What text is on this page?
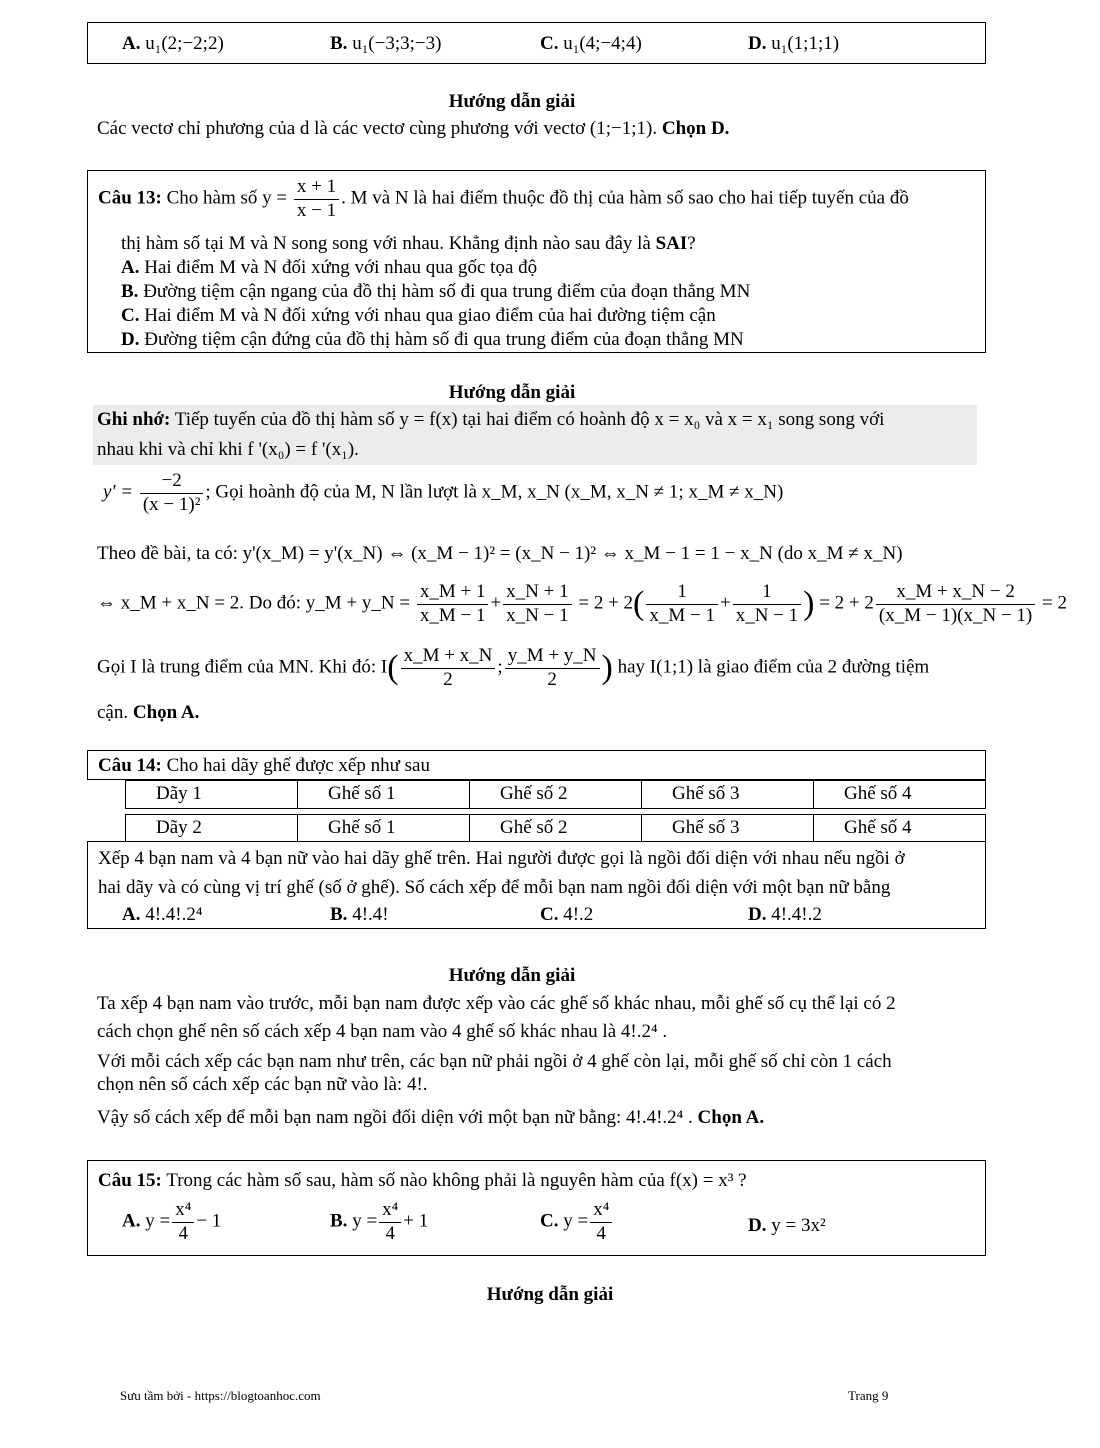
A. u₁(2;−2;2)	B. u₁(−3;3;−3)	C. u₁(4;−4;4)	D. u₁(1;1;1)
Hướng dẫn giải
Các vectơ chỉ phương của d là các vectơ cùng phương với vectơ (1;−1;1). Chọn D.
Câu 13: Cho hàm số $y = \frac{x + 1}{x - 1}$ . M và N là hai điểm thuộc đồ thị của hàm số sao cho hai tiếp tuyến của đồ
thị hàm số tại M và N song song với nhau. Khẳng định nào sau đây là SAI?
A. Hai điểm M và N đối xứng với nhau qua gốc tọa độ
B. Đường tiệm cận ngang của đồ thị hàm số đi qua trung điểm của đoạn thẳng MN
C. Hai điểm M và N đối xứng với nhau qua giao điểm của hai đường tiệm cận
D. Đường tiệm cận đứng của đồ thị hàm số đi qua trung điểm của đoạn thẳng MN
Hướng dẫn giải
Ghi nhớ: Tiếp tuyến của đồ thị hàm số y = f(x) tại hai điểm có hoành độ x = x₀ và x = x₁ song song với
nhau khi và chỉ khi f '(x₀) = f '(x₁).
$y' = \frac{-2}{\text{(x − 1)²}}$ ; Gọi hoành độ của M, N lần lượt là x_M, x_N (x_M, x_N ≠ 1; x_M ≠ x_N)
Theo đề bài, ta có: y'(x_M) = y'(x_N) ⇔ (x_M − 1)² = (x_N − 1)² ⇔ x_M − 1 = 1 − x_N (do x_M ≠ x_N)
⇔ x_M + x_N = 2. Do đó: y_M + y_N = $\frac{x\_M + 1}{x\_M - 1} + \frac{x\_N + 1}{x\_N - 1} = 2 + 2( \frac{1}{x\_M - 1} + \frac{1}{x\_N - 1}$ ) = $2 + 2 \frac{x\_M + x\_N - 2}{(x\_M - 1)(x\_N - 1)} = 2$
Gọi I là trung điểm của MN. Khi đó: $I( \frac{x\_M + x\_N}{2}$ ; $\frac{y\_M + y\_N}{2}$ ) hay I(1;1) là giao điểm của 2 đường tiệm
cận. Chọn A.
Câu 14: Cho hai dãy ghế được xếp như sau
Dãy 1	Ghế số 1	Ghế số 2	Ghế số 3	Ghế số 4

Dãy 2	Ghế số 1	Ghế số 2	Ghế số 3	Ghế số 4
Xếp 4 bạn nam và 4 bạn nữ vào hai dãy ghế trên. Hai người được gọi là ngồi đối diện với nhau nếu ngồi ở
hai dãy và có cùng vị trí ghế (số ở ghế). Số cách xếp để mỗi bạn nam ngồi đối diện với một bạn nữ bằng
A. 4!.4!.2⁴	B. 4!.4!	C. 4!.2	D. 4!.4!.2
Hướng dẫn giải
Ta xếp 4 bạn nam vào trước, mỗi bạn nam được xếp vào các ghế số khác nhau, mỗi ghế số cụ thể lại có 2
cách chọn ghế nên số cách xếp 4 bạn nam vào 4 ghế số khác nhau là 4!.2⁴ .
Với mỗi cách xếp các bạn nam như trên, các bạn nữ phải ngồi ở 4 ghế còn lại, mỗi ghế số chỉ còn 1 cách
chọn nên số cách xếp các bạn nữ vào là: 4!.
Vậy số cách xếp để mỗi bạn nam ngồi đối diện với một bạn nữ bằng: 4!.4!.2⁴ . Chọn A.
Câu 15: Trong các hàm số sau, hàm số nào không phải là nguyên hàm của f(x) = x³ ?
A. $y = \frac{\text{x⁴}}{4} - 1$	B. $y = \frac{\text{x⁴}}{4} + 1$	C. $y = \frac{\text{x⁴}}{4}$	D. y = 3x²
Hướng dẫn giải
Sưu tầm bởi - https://blogtoanhoc.com	Trang 9
